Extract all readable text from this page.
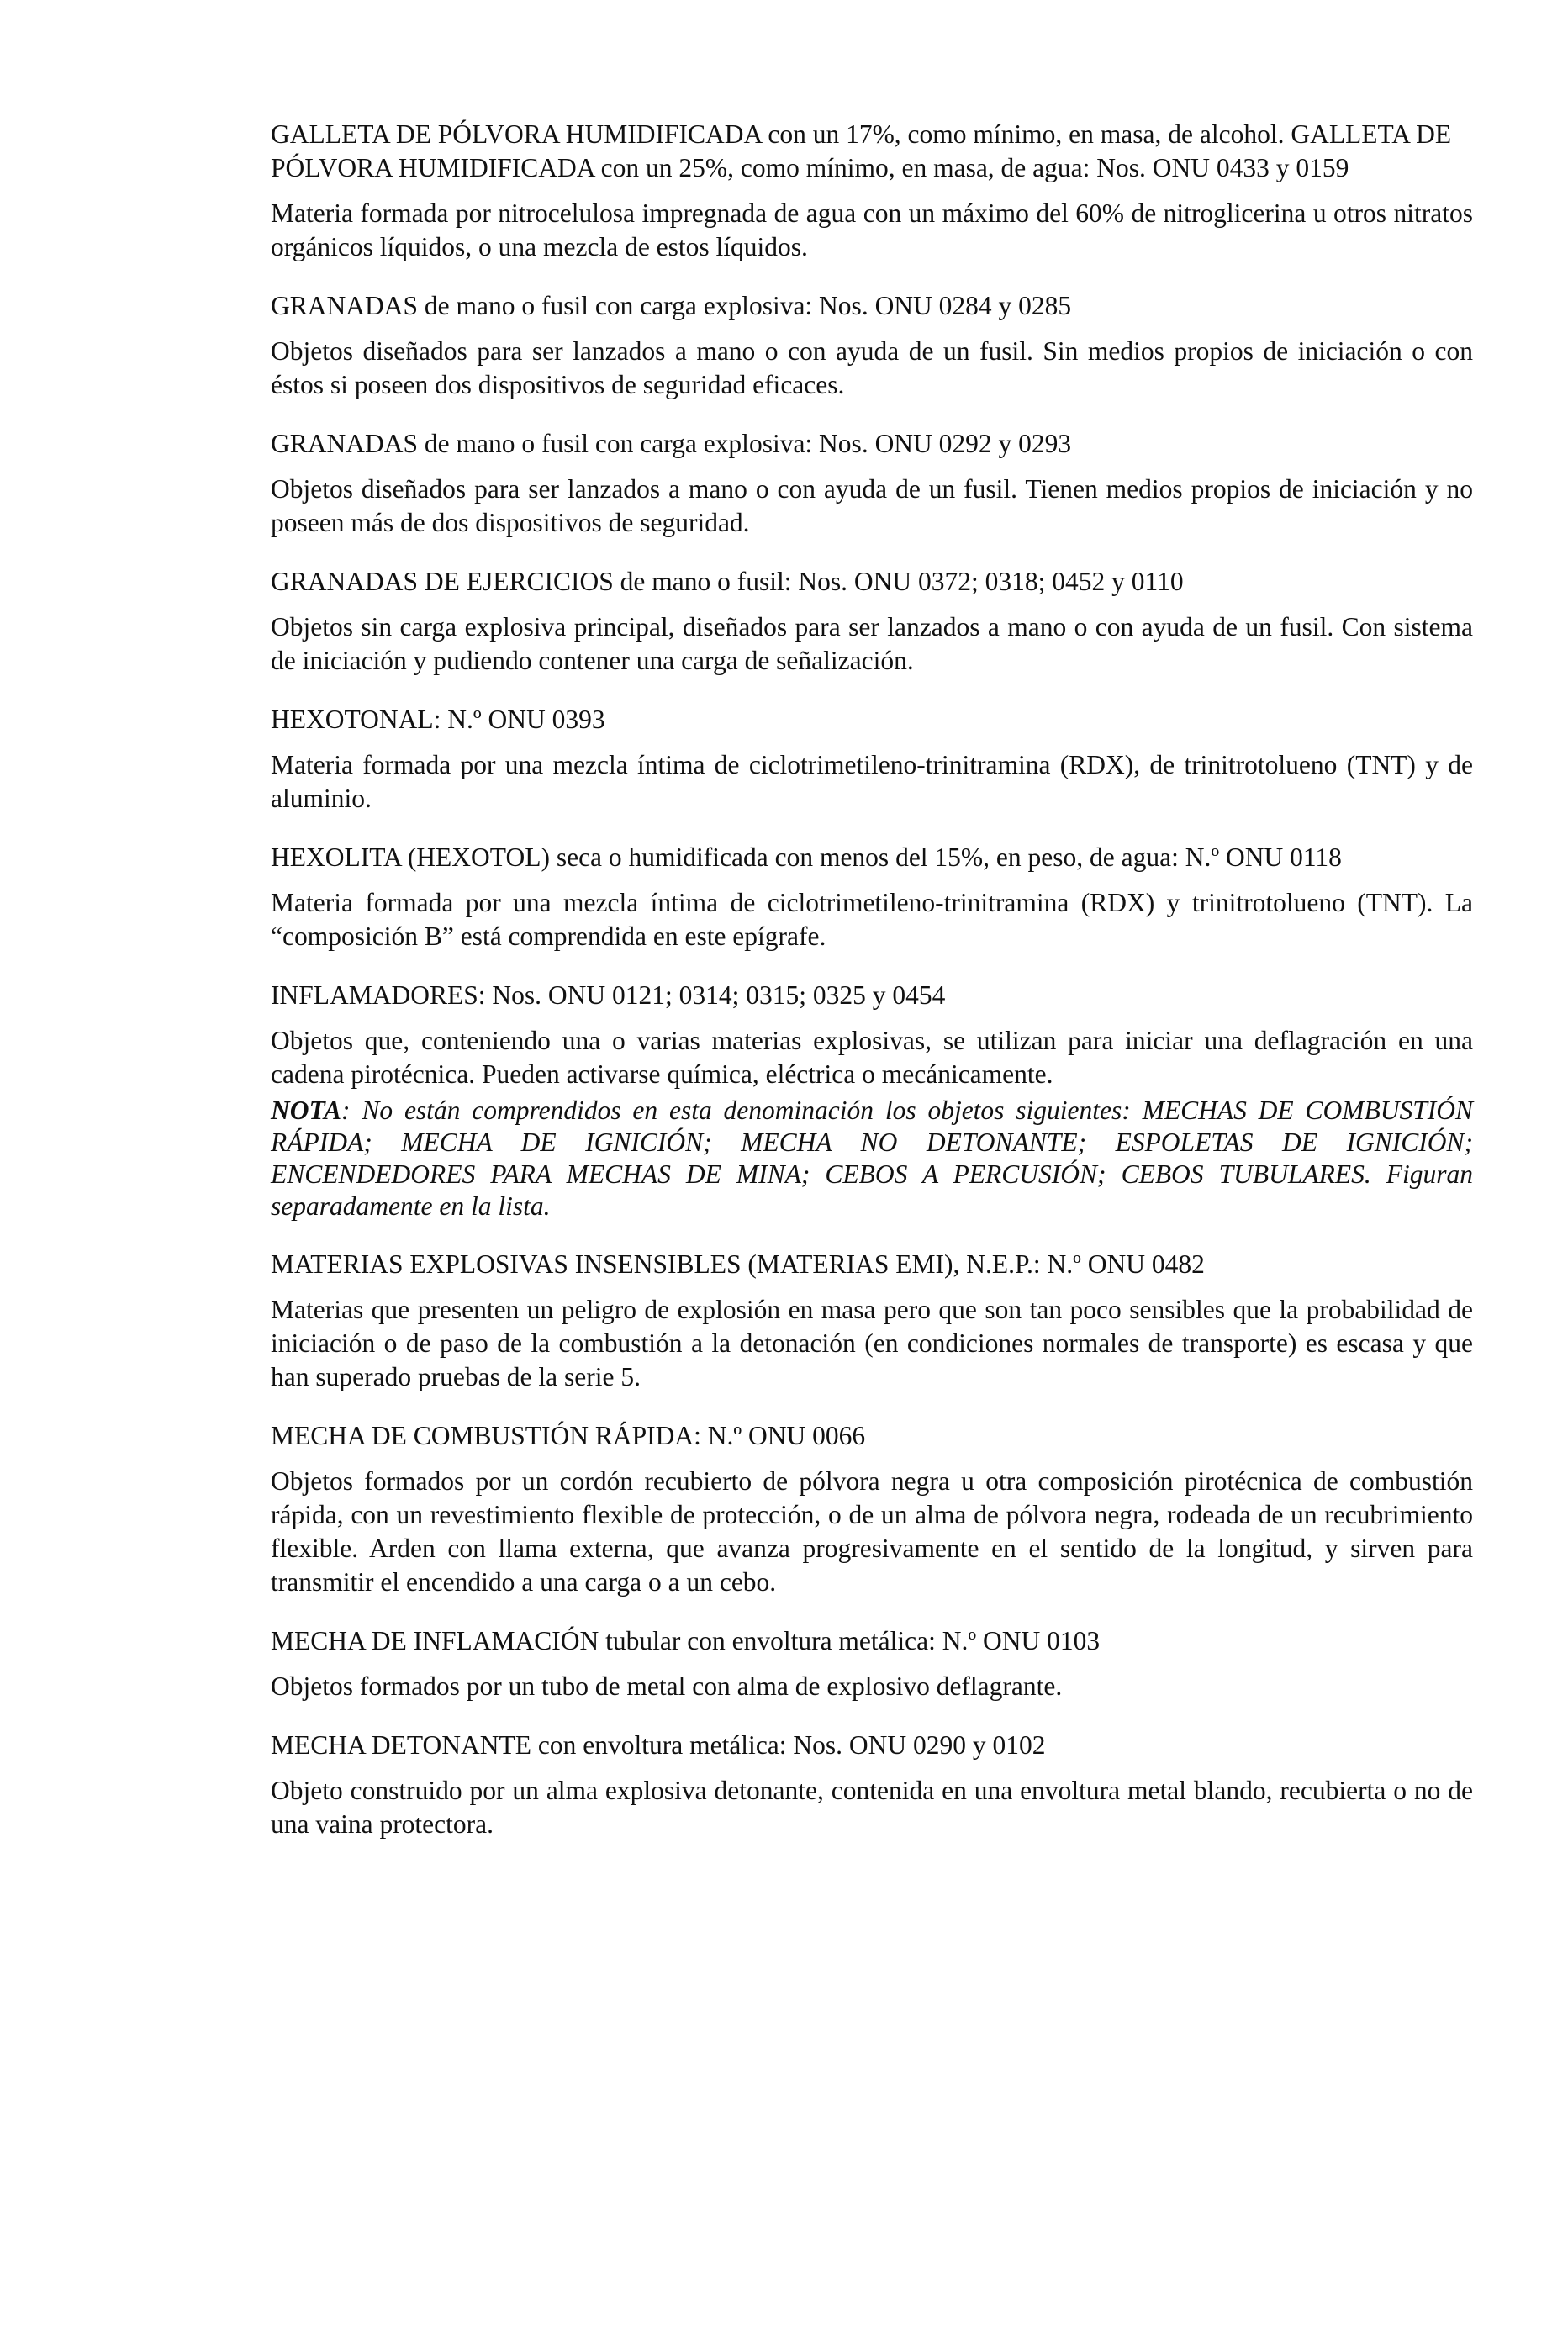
GALLETA DE PÓLVORA HUMIDIFICADA con un 17%, como mínimo, en masa, de alcohol. GALLETA DE PÓLVORA HUMIDIFICADA con un 25%, como mínimo, en masa, de agua: Nos. ONU 0433 y 0159

Materia formada por nitrocelulosa impregnada de agua con un máximo del 60% de nitroglicerina u otros nitratos orgánicos líquidos, o una mezcla de estos líquidos.

GRANADAS de mano o fusil con carga explosiva: Nos. ONU 0284 y 0285

Objetos diseñados para ser lanzados a mano o con ayuda de un fusil. Sin medios propios de iniciación o con éstos si poseen dos dispositivos de seguridad eficaces.

GRANADAS de mano o fusil con carga explosiva: Nos. ONU 0292 y 0293

Objetos diseñados para ser lanzados a mano o con ayuda de un fusil. Tienen medios propios de iniciación y no poseen más de dos dispositivos de seguridad.

GRANADAS DE EJERCICIOS de mano o fusil: Nos. ONU 0372; 0318; 0452 y 0110

Objetos sin carga explosiva principal, diseñados para ser lanzados a mano o con ayuda de un fusil. Con sistema de iniciación y pudiendo contener una carga de señalización.

HEXOTONAL: N.º ONU 0393

Materia formada por una mezcla íntima de ciclotrimetileno-trinitramina (RDX), de trinitrotolueno (TNT) y de aluminio.

HEXOLITA (HEXOTOL) seca o humidificada con menos del 15%, en peso, de agua: N.º ONU 0118

Materia formada por una mezcla íntima de ciclotrimetileno-trinitramina (RDX) y trinitrotolueno (TNT). La “composición B” está comprendida en este epígrafe.

INFLAMADORES: Nos. ONU 0121; 0314; 0315; 0325 y 0454

Objetos que, conteniendo una o varias materias explosivas, se utilizan para iniciar una deflagración en una cadena pirotécnica. Pueden activarse química, eléctrica o mecánicamente.

NOTA: No están comprendidos en esta denominación los objetos siguientes: MECHAS DE COMBUSTIÓN RÁPIDA; MECHA DE IGNICIÓN; MECHA NO DETONANTE; ESPOLETAS DE IGNICIÓN; ENCENDEDORES PARA MECHAS DE MINA; CEBOS A PERCUSIÓN; CEBOS TUBULARES. Figuran separadamente en la lista.

MATERIAS EXPLOSIVAS INSENSIBLES (MATERIAS EMI), N.E.P.: N.º ONU 0482

Materias que presenten un peligro de explosión en masa pero que son tan poco sensibles que la probabilidad de iniciación o de paso de la combustión a la detonación (en condiciones normales de transporte) es escasa y que han superado pruebas de la serie 5.

MECHA DE COMBUSTIÓN RÁPIDA: N.º ONU 0066

Objetos formados por un cordón recubierto de pólvora negra u otra composición pirotécnica de combustión rápida, con un revestimiento flexible de protección, o de un alma de pólvora negra, rodeada de un recubrimiento flexible. Arden con llama externa, que avanza progresivamente en el sentido de la longitud, y sirven para transmitir el encendido a una carga o a un cebo.

MECHA DE INFLAMACIÓN tubular con envoltura metálica: N.º ONU 0103

Objetos formados por un tubo de metal con alma de explosivo deflagrante.

MECHA DETONANTE con envoltura metálica: Nos. ONU 0290 y 0102

Objeto construido por un alma explosiva detonante, contenida en una envoltura metal blando, recubierta o no de una vaina protectora.
